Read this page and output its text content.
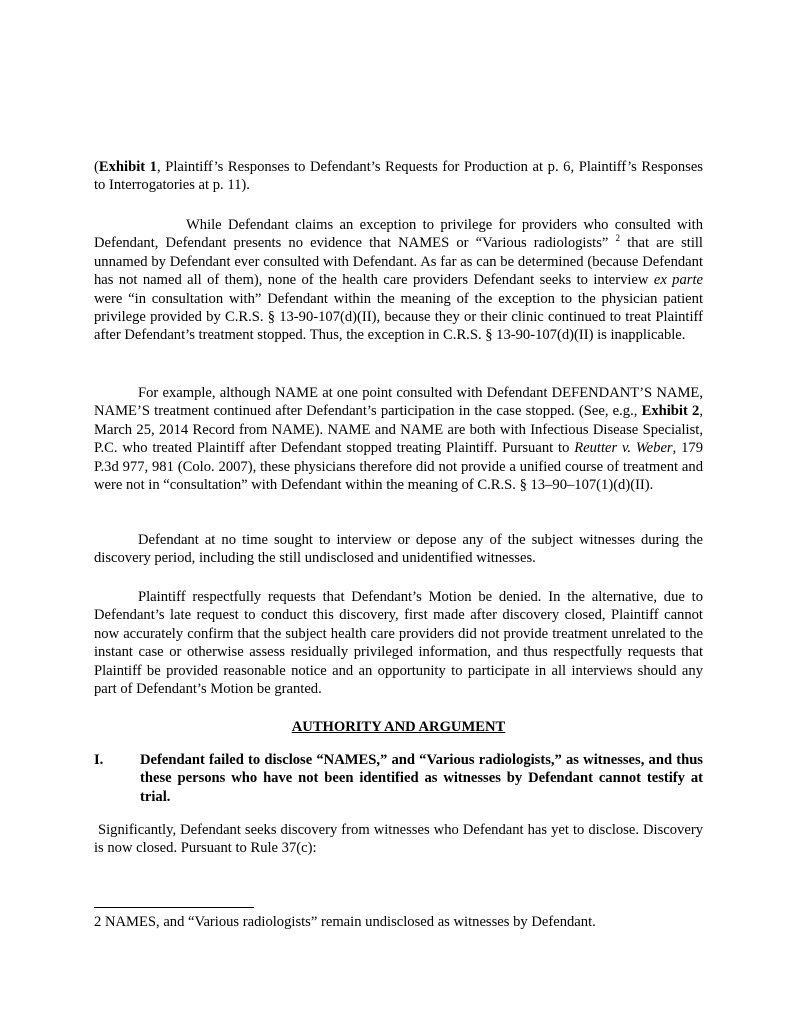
(Exhibit 1, Plaintiff’s Responses to Defendant’s Requests for Production at p. 6, Plaintiff’s Responses to Interrogatories at p. 11).

While Defendant claims an exception to privilege for providers who consulted with Defendant, Defendant presents no evidence that NAMES or “Various radiologists” $^2$ that are still unnamed by Defendant ever consulted with Defendant. As far as can be determined (because Defendant has not named all of them), none of the health care providers Defendant seeks to interview ex parte were “in consultation with” Defendant within the meaning of the exception to the physician patient privilege provided by C.R.S. § 13-90-107(d)(II), because they or their clinic continued to treat Plaintiff after Defendant’s treatment stopped. Thus, the exception in C.R.S. § 13-90-107(d)(II) is inapplicable.

For example, although NAME at one point consulted with Defendant DEFENDANT’S NAME, NAME’S treatment continued after Defendant’s participation in the case stopped. (See, e.g., Exhibit 2, March 25, 2014 Record from NAME). NAME and NAME are both with Infectious Disease Specialist, P.C. who treated Plaintiff after Defendant stopped treating Plaintiff. Pursuant to Reutter v. Weber, 179 P.3d 977, 981 (Colo. 2007), these physicians therefore did not provide a unified course of treatment and were not in “consultation” with Defendant within the meaning of C.R.S. § 13–90–107(1)(d)(II).

Defendant at no time sought to interview or depose any of the subject witnesses during the discovery period, including the still undisclosed and unidentified witnesses.

Plaintiff respectfully requests that Defendant’s Motion be denied. In the alternative, due to Defendant’s late request to conduct this discovery, first made after discovery closed, Plaintiff cannot now accurately confirm that the subject health care providers did not provide treatment unrelated to the instant case or otherwise assess residually privileged information, and thus respectfully requests that Plaintiff be provided reasonable notice and an opportunity to participate in all interviews should any part of Defendant’s Motion be granted.

AUTHORITY AND ARGUMENT
I.	Defendant failed to disclose “NAMES,” and “Various radiologists,” as witnesses, and thus these persons who have not been identified as witnesses by Defendant cannot testify at trial.

Significantly, Defendant seeks discovery from witnesses who Defendant has yet to disclose. Discovery is now closed. Pursuant to Rule 37(c):

2 NAMES, and “Various radiologists” remain undisclosed as witnesses by Defendant.
